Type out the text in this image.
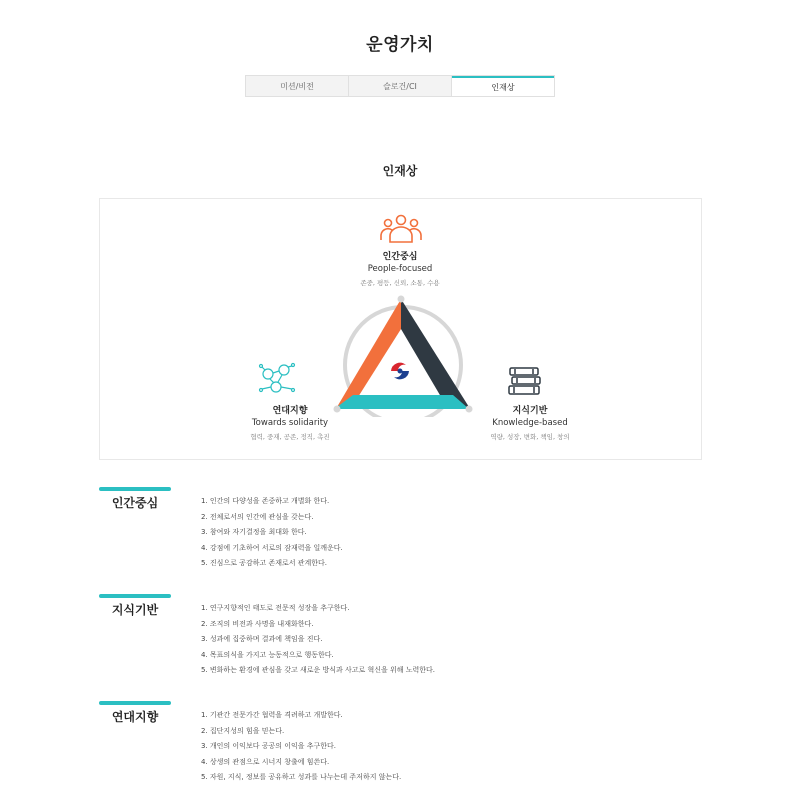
운영가치
미션/비전	슬로건/CI	인재상
인재상
인간중심
People-focused
존중, 평등, 신뢰, 소통, 수용
연대지향
Towards solidarity
협력, 중재, 공존, 정직, 촉진
지식기반
Knowledge-based
역량, 성장, 변화, 책임, 창의
인간중심	1. 인간의 다양성을 존중하고 개별화 한다.
2. 전체로서의 인간에 관심을 갖는다.
3. 참여와 자기결정을 최대화 한다.
4. 강점에 기초하여 서로의 잠재력을 일깨운다.
5. 진심으로 공감하고 존재로서 관계한다.
지식기반	1. 연구지향적인 태도로 전문적 성장을 추구한다.
2. 조직의 비전과 사명을 내재화한다.
3. 성과에 집중하며 결과에 책임을 진다.
4. 목표의식을 가지고 능동적으로 행동한다.
5. 변화하는 환경에 관심을 갖고 새로운 방식과 사고로 혁신을 위해 노력한다.
연대지향	1. 기관간 전문가간 협력을 격려하고 개발한다.
2. 집단지성의 힘을 믿는다.
3. 개인의 이익보다 공공의 이익을 추구한다.
4. 상생의 관점으로 시너지 창출에 힘쓴다.
5. 자원, 지식, 정보를 공유하고 성과를 나누는데 주저하지 않는다.
